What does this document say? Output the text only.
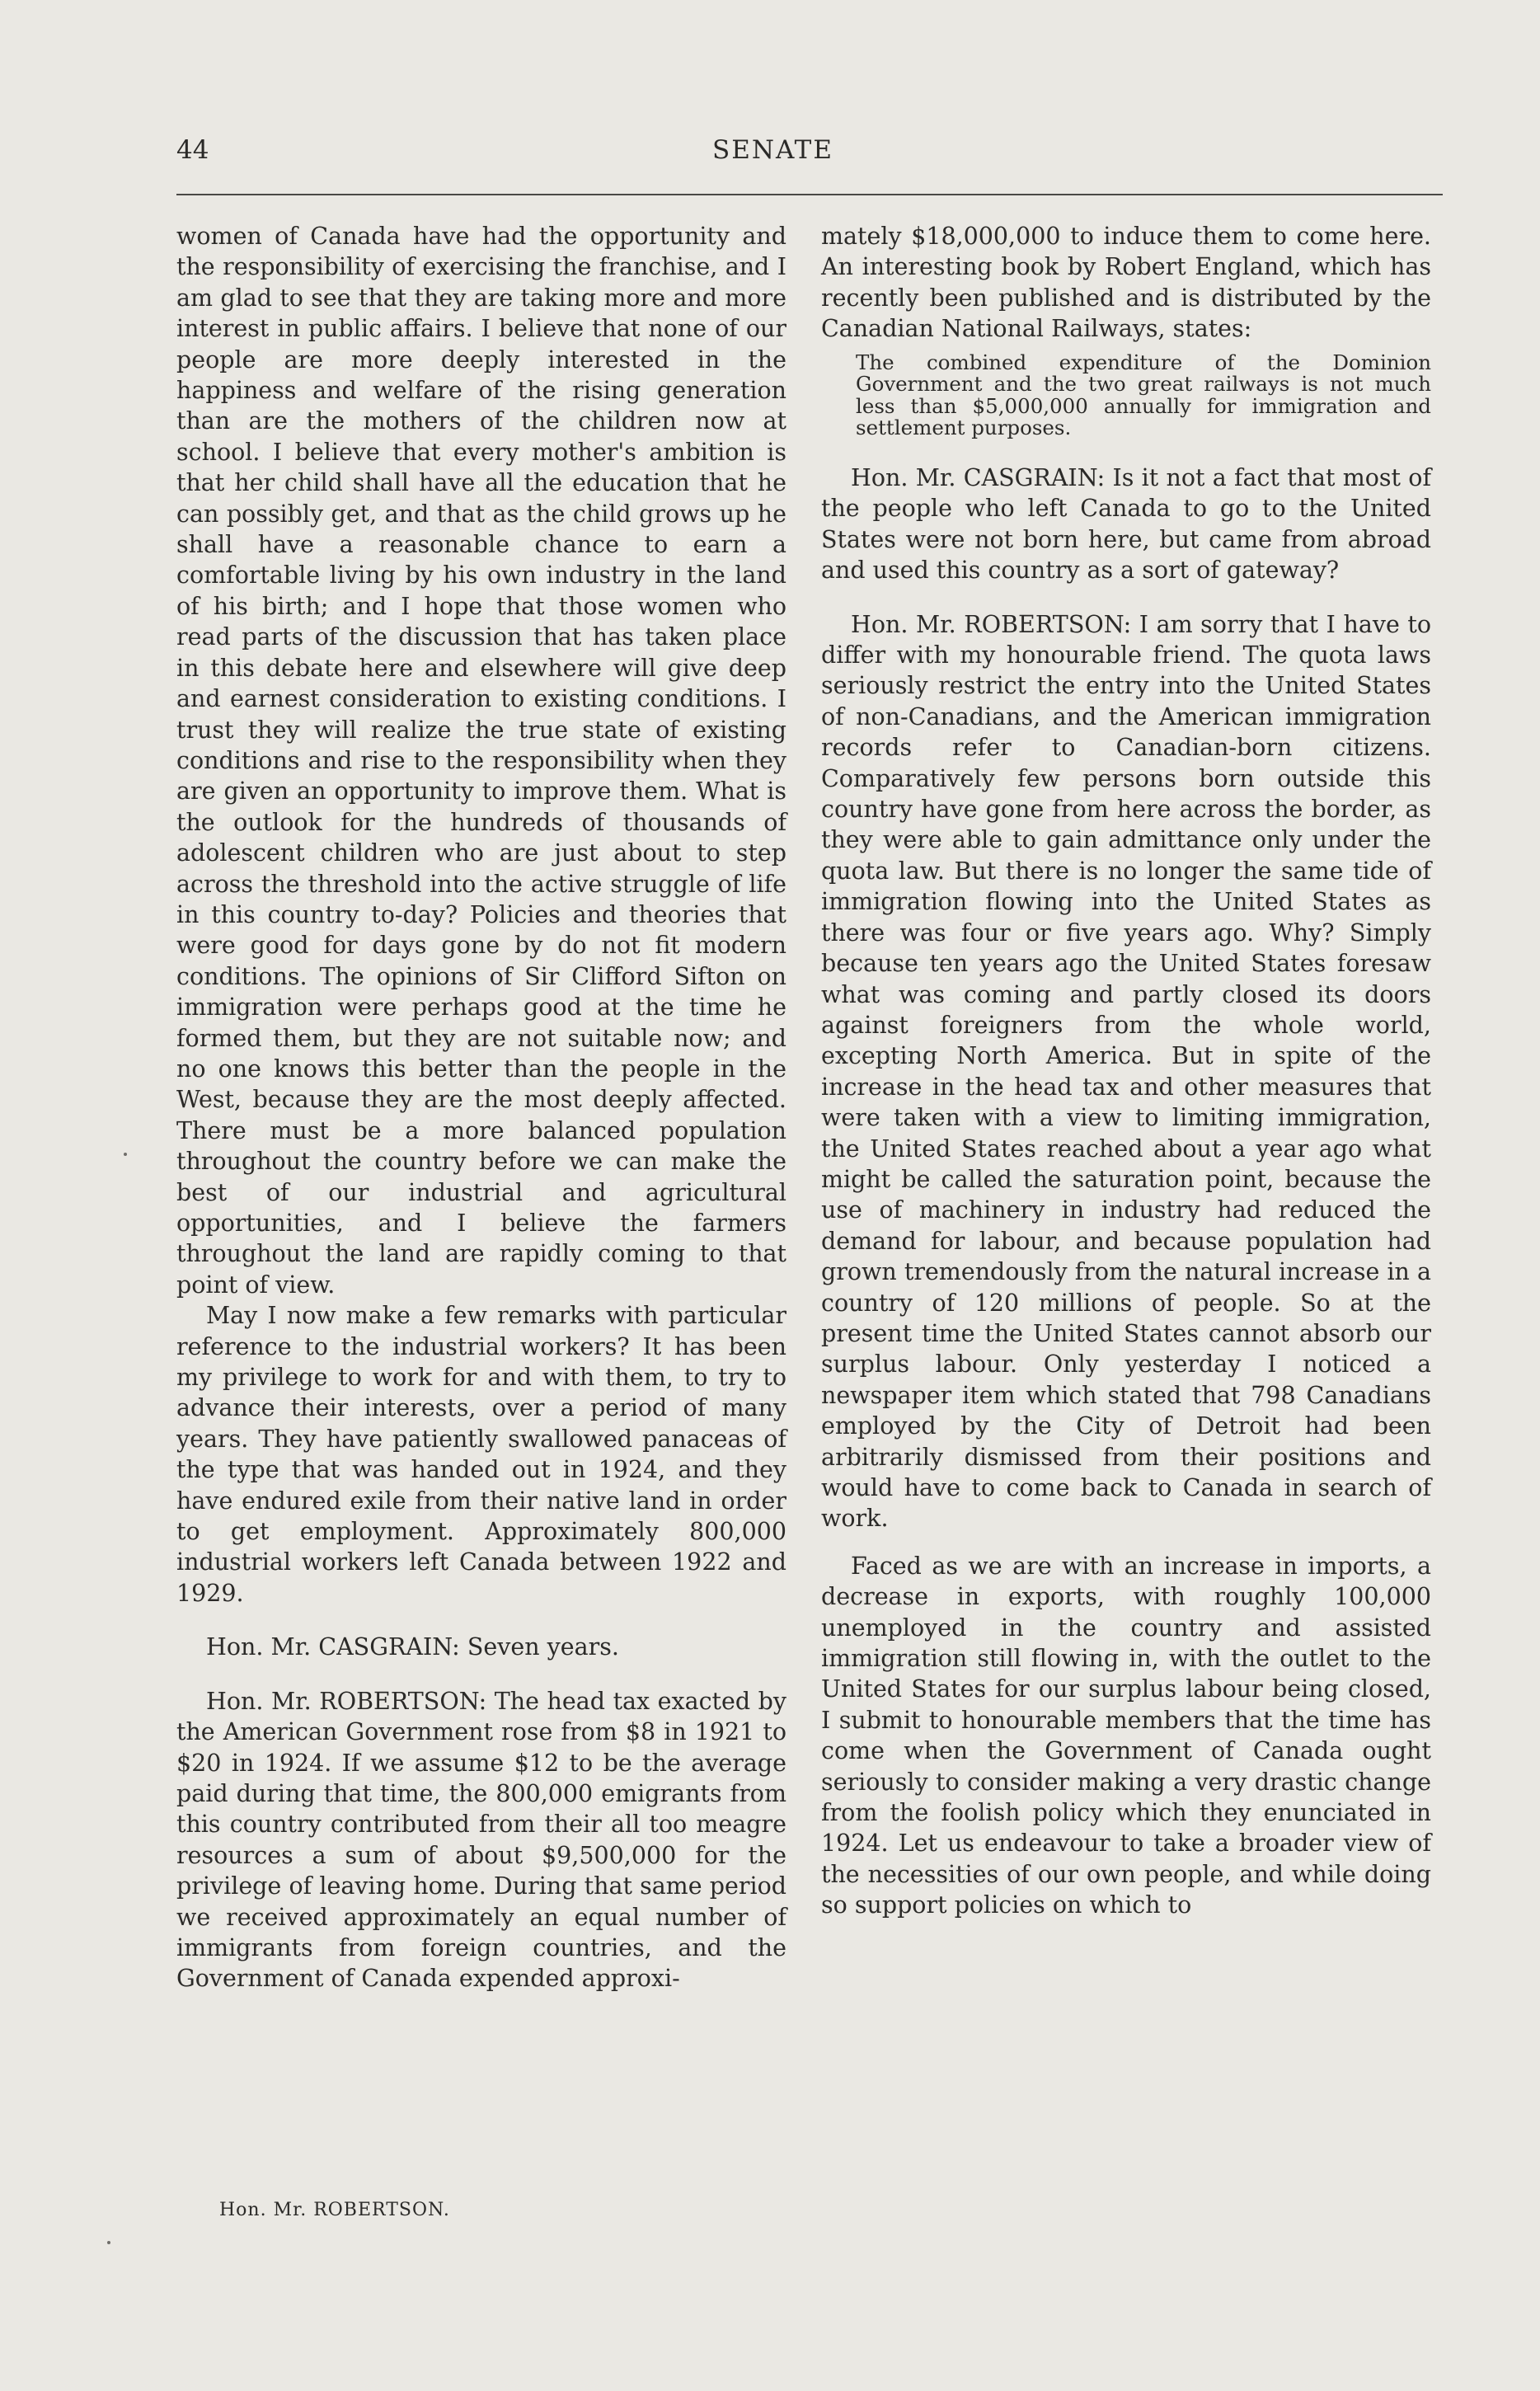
44	SENATE

women of Canada have had the opportunity and the responsibility of exercising the franchise, and I am glad to see that they are taking more and more interest in public affairs. I believe that none of our people are more deeply interested in the happiness and welfare of the rising generation than are the mothers of the children now at school. I believe that every mother's ambition is that her child shall have all the education that he can possibly get, and that as the child grows up he shall have a reasonable chance to earn a comfortable living by his own industry in the land of his birth; and I hope that those women who read parts of the discussion that has taken place in this debate here and elsewhere will give deep and earnest consideration to existing conditions. I trust they will realize the true state of existing conditions and rise to the responsibility when they are given an opportunity to improve them. What is the outlook for the hundreds of thousands of adolescent children who are just about to step across the threshold into the active struggle of life in this country to-day? Policies and theories that were good for days gone by do not fit modern conditions. The opinions of Sir Clifford Sifton on immigration were perhaps good at the time he formed them, but they are not suitable now; and no one knows this better than the people in the West, because they are the most deeply affected. There must be a more balanced population throughout the country before we can make the best of our industrial and agricultural opportunities, and I believe the farmers throughout the land are rapidly coming to that point of view.

May I now make a few remarks with particular reference to the industrial workers? It has been my privilege to work for and with them, to try to advance their interests, over a period of many years. They have patiently swallowed panaceas of the type that was handed out in 1924, and they have endured exile from their native land in order to get employment. Approximately 800,000 industrial workers left Canada between 1922 and 1929.

Hon. Mr. CASGRAIN: Seven years.

Hon. Mr. ROBERTSON: The head tax exacted by the American Government rose from $8 in 1921 to $20 in 1924. If we assume $12 to be the average paid during that time, the 800,000 emigrants from this country contributed from their all too meagre resources a sum of about $9,500,000 for the privilege of leaving home. During that same period we received approximately an equal number of immigrants from foreign countries, and the Government of Canada expended approxi-

mately $18,000,000 to induce them to come here. An interesting book by Robert England, which has recently been published and is distributed by the Canadian National Railways, states:

The combined expenditure of the Dominion Government and the two great railways is not much less than $5,000,000 annually for immigration and settlement purposes.

Hon. Mr. CASGRAIN: Is it not a fact that most of the people who left Canada to go to the United States were not born here, but came from abroad and used this country as a sort of gateway?

Hon. Mr. ROBERTSON: I am sorry that I have to differ with my honourable friend. The quota laws seriously restrict the entry into the United States of non-Canadians, and the American immigration records refer to Canadian-born citizens. Comparatively few persons born outside this country have gone from here across the border, as they were able to gain admittance only under the quota law. But there is no longer the same tide of immigration flowing into the United States as there was four or five years ago. Why? Simply because ten years ago the United States foresaw what was coming and partly closed its doors against foreigners from the whole world, excepting North America. But in spite of the increase in the head tax and other measures that were taken with a view to limiting immigration, the United States reached about a year ago what might be called the saturation point, because the use of machinery in industry had reduced the demand for labour, and because population had grown tremendously from the natural increase in a country of 120 millions of people. So at the present time the United States cannot absorb our surplus labour. Only yesterday I noticed a newspaper item which stated that 798 Canadians employed by the City of Detroit had been arbitrarily dismissed from their positions and would have to come back to Canada in search of work.

Faced as we are with an increase in imports, a decrease in exports, with roughly 100,000 unemployed in the country and assisted immigration still flowing in, with the outlet to the United States for our surplus labour being closed, I submit to honourable members that the time has come when the Government of Canada ought seriously to consider making a very drastic change from the foolish policy which they enunciated in 1924. Let us endeavour to take a broader view of the necessities of our own people, and while doing so support policies on which to

Hon. Mr. ROBERTSON.
